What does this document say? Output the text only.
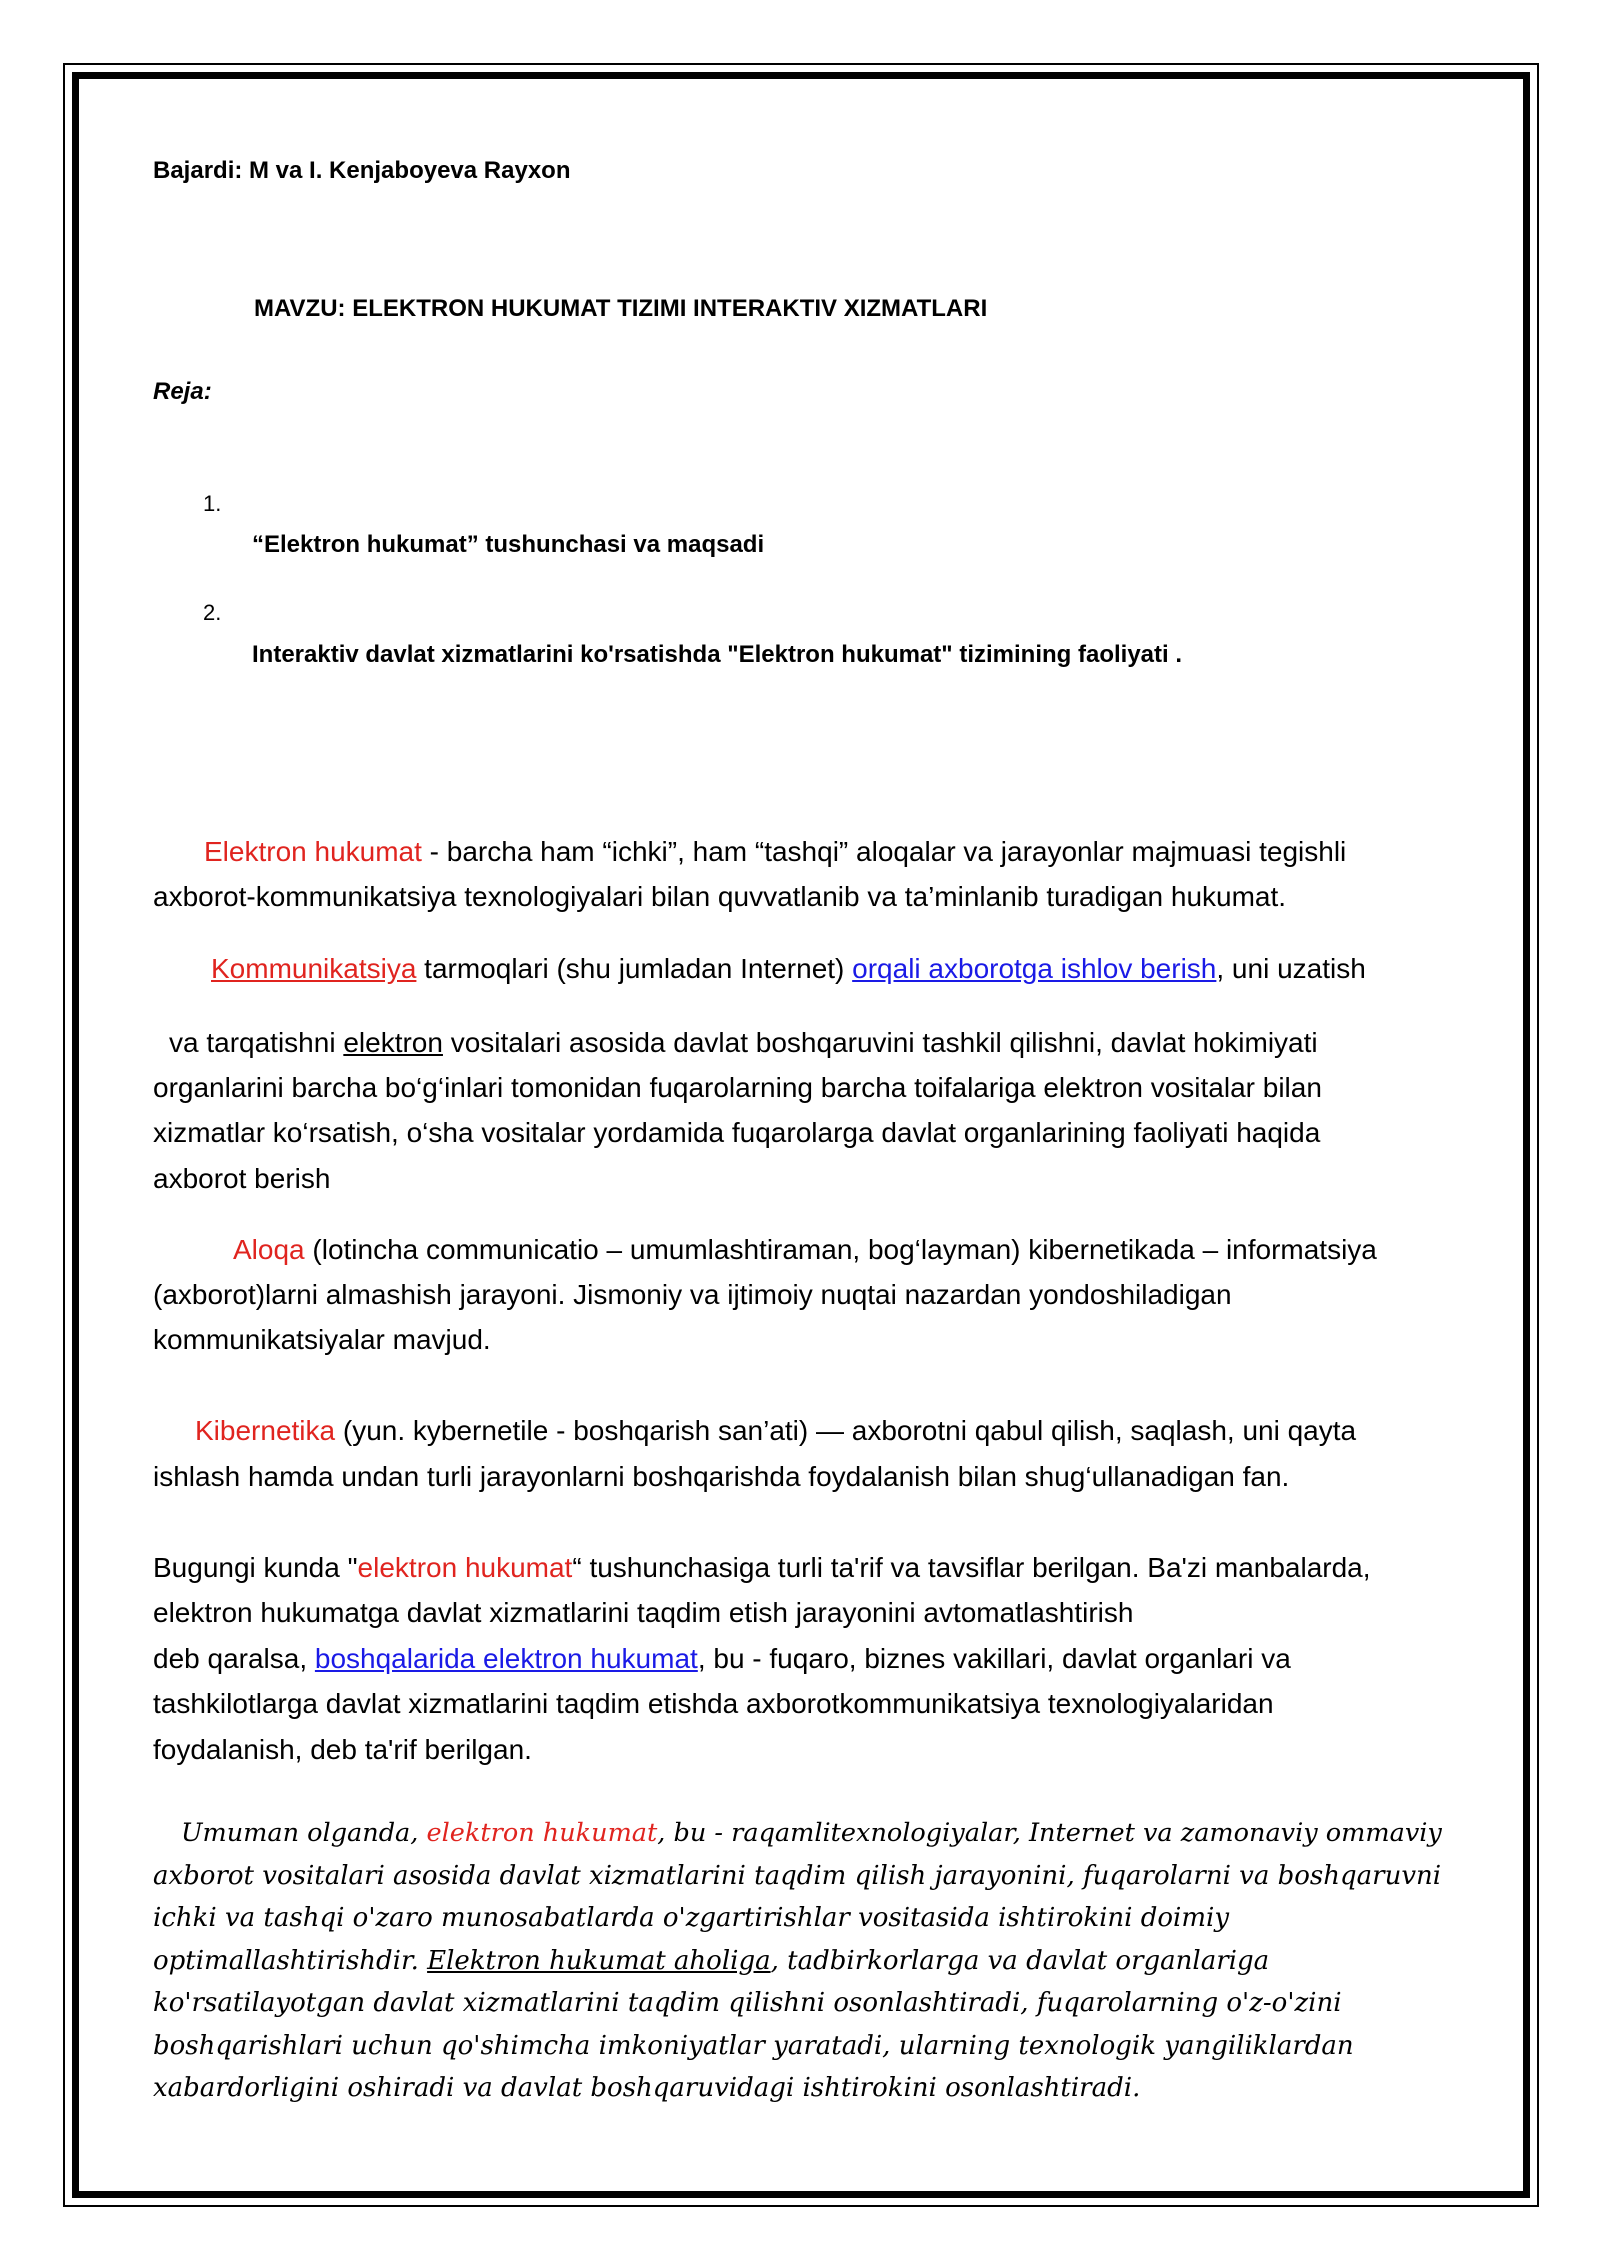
Bajardi: M va I. Kenjaboyeva Rayxon

MAVZU: ELEKTRON HUKUMAT TIZIMI INTERAKTIV XIZMATLARI

Reja:

1.

“Elektron hukumat” tushunchasi va maqsadi

2.

Interaktiv davlat xizmatlarini ko'rsatishda "Elektron hukumat" tizimining faoliyati .

Elektron hukumat - barcha ham “ichki”, ham “tashqi” aloqalar va jarayonlar majmuasi tegishli

axborot-kommunikatsiya texnologiyalari bilan quvvatlanib va ta’minlanib turadigan hukumat.

Kommunikatsiya tarmoqlari (shu jumladan Internet) orqali axborotga ishlov berish, uni uzatish

va tarqatishni elektron vositalari asosida davlat boshqaruvini tashkil qilishni, davlat hokimiyati

organlarini barcha bo‘g‘inlari tomonidan fuqarolarning barcha toifalariga elektron vositalar bilan

xizmatlar ko‘rsatish, o‘sha vositalar yordamida fuqarolarga davlat organlarining faoliyati haqida

axborot berish

Aloqa (lotincha communicatio – umumlashtiraman, bog‘layman) kibernetikada – informatsiya

(axborot)larni almashish jarayoni. Jismoniy va ijtimoiy nuqtai nazardan yondoshiladigan

kommunikatsiyalar mavjud.

Kibernetika (yun. kybernetile - boshqarish san’ati) — axborotni qabul qilish, saqlash, uni qayta

ishlash hamda undan turli jarayonlarni boshqarishda foydalanish bilan shug‘ullanadigan fan.

Bugungi kunda "elektron hukumat“ tushunchasiga turli ta'rif va tavsiflar berilgan. Ba'zi manbalarda,

elektron hukumatga davlat xizmatlarini taqdim etish jarayonini avtomatlashtirish

deb qaralsa, boshqalarida elektron hukumat, bu - fuqaro, biznes vakillari, davlat organlari va

tashkilotlarga davlat xizmatlarini taqdim etishda axborotkommunikatsiya texnologiyalaridan

foydalanish, deb ta'rif berilgan.

Umuman olganda, elektron hukumat, bu - raqamlitexnologiyalar, Internet va zamonaviy ommaviy

axborot vositalari asosida davlat xizmatlarini taqdim qilish jarayonini, fuqarolarni va boshqaruvni

ichki va tashqi o'zaro munosabatlarda o'zgartirishlar vositasida ishtirokini doimiy

optimallashtirishdir. Elektron hukumat aholiga, tadbirkorlarga va davlat organlariga

ko'rsatilayotgan davlat xizmatlarini taqdim qilishni osonlashtiradi, fuqarolarning o'z-o'zini

boshqarishlari uchun qo'shimcha imkoniyatlar yaratadi, ularning texnologik yangiliklardan

xabardorligini oshiradi va davlat boshqaruvidagi ishtirokini osonlashtiradi.
